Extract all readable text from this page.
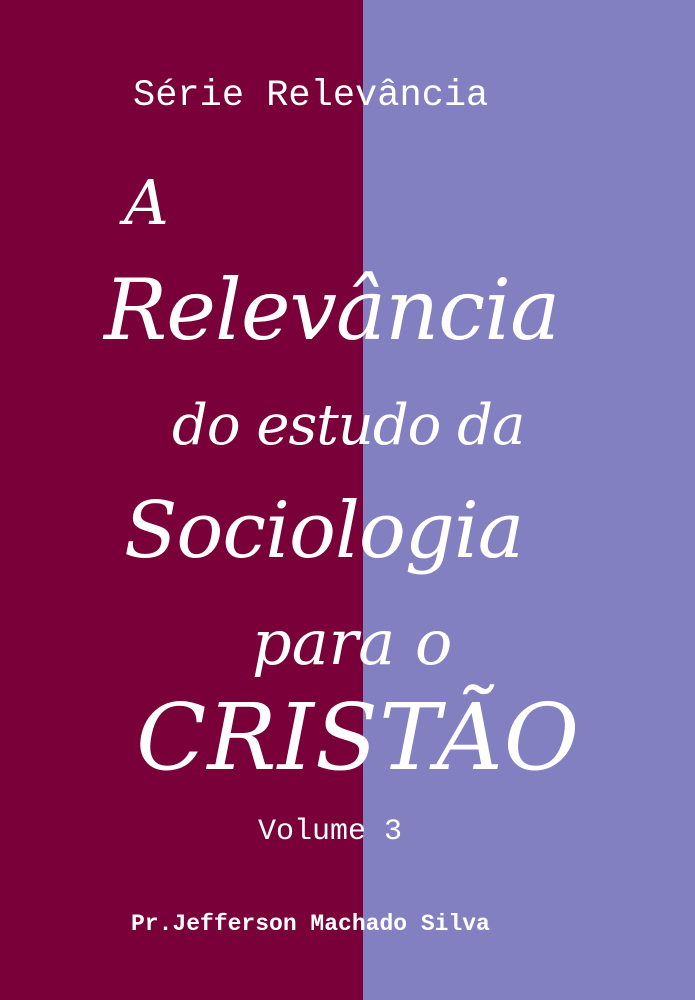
Série Relevância
A
Relevância
do estudo da
Sociologia
para o
CRISTÃO
Volume 3
Pr.Jefferson Machado Silva
